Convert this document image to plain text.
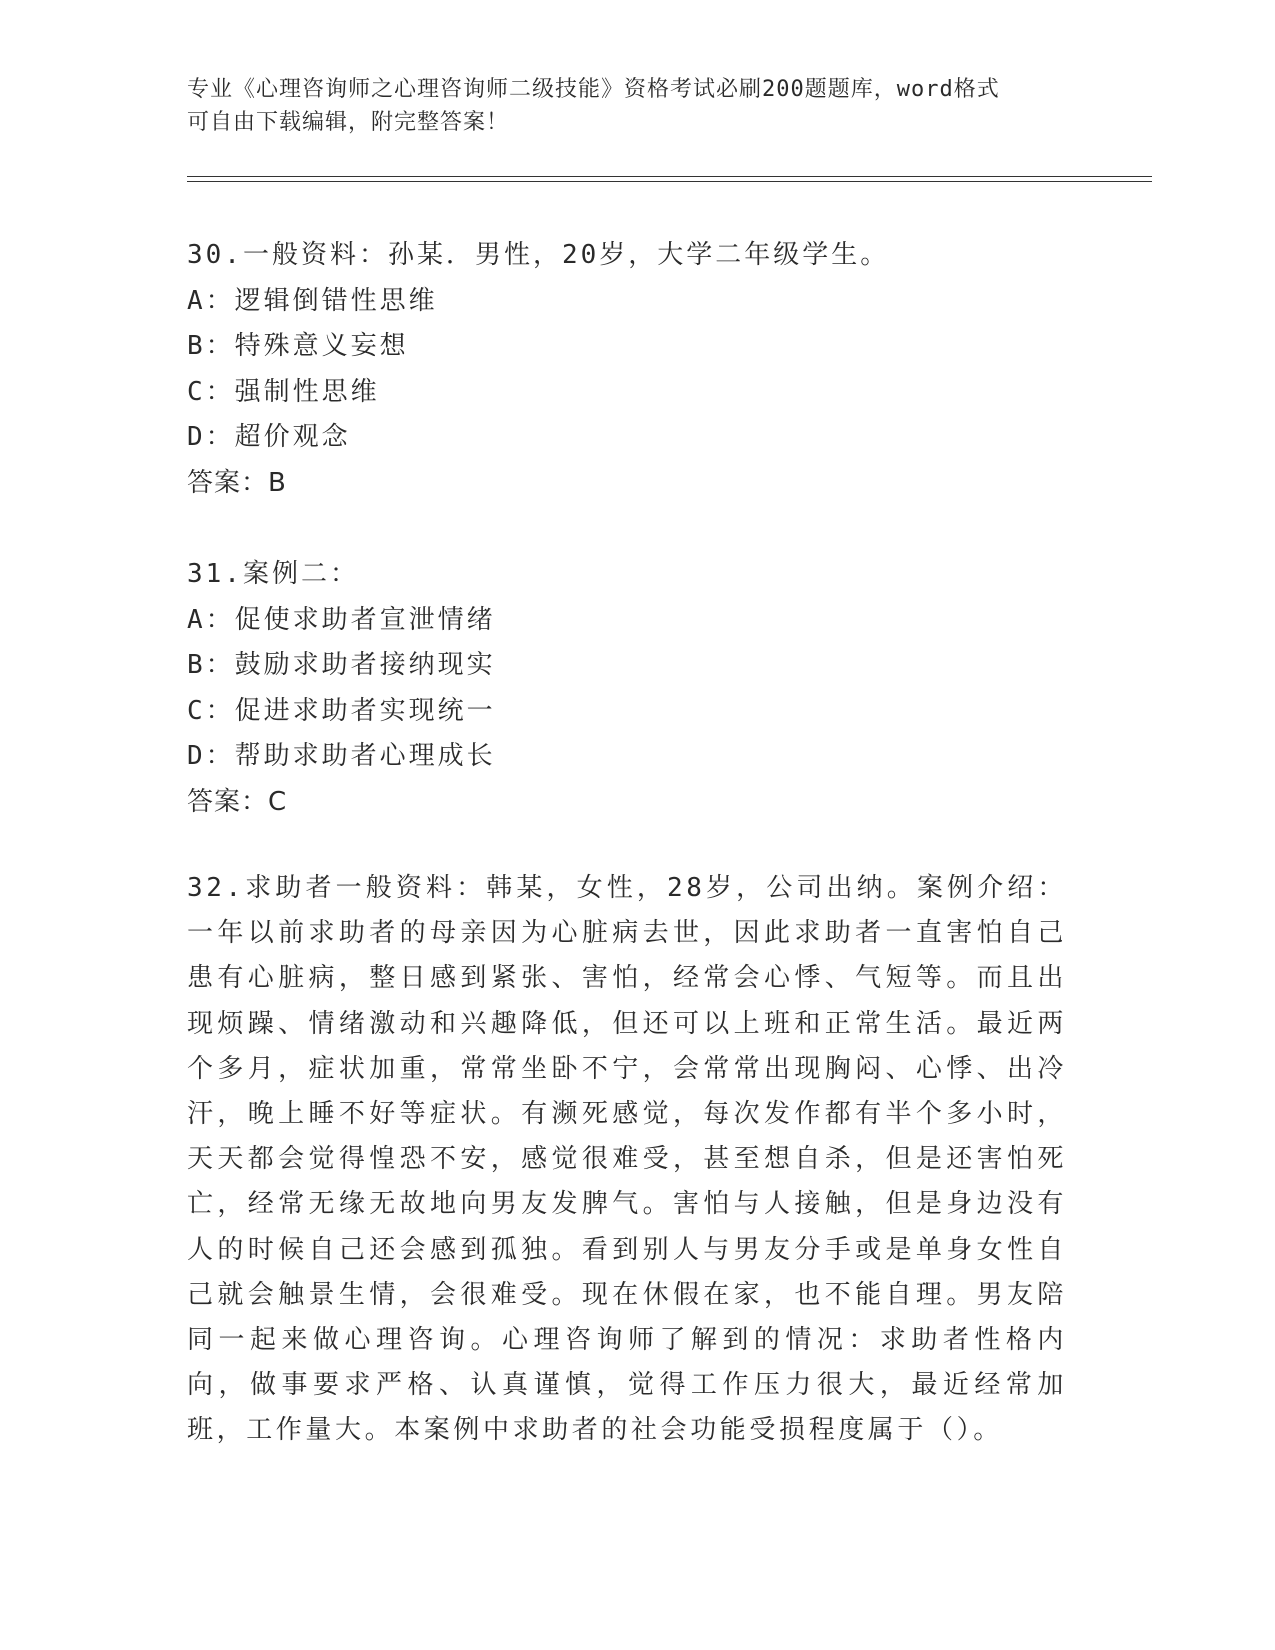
专业《心理咨询师之心理咨询师二级技能》资格考试必刷200题题库，word格式
可自由下载编辑，附完整答案！
30.一般资料：孙某．男性，20岁，大学二年级学生。
A：逻辑倒错性思维
B：特殊意义妄想
C：强制性思维
D：超价观念
答案：B
31.案例二：
A：促使求助者宣泄情绪
B：鼓励求助者接纳现实
C：促进求助者实现统一
D：帮助求助者心理成长
答案：C
32.求助者一般资料：韩某，女性，28岁，公司出纳。案例介绍：一年以前求助者的母亲因为心脏病去世，因此求助者一直害怕自己患有心脏病，整日感到紧张、害怕，经常会心悸、气短等。而且出现烦躁、情绪激动和兴趣降低，但还可以上班和正常生活。最近两个多月，症状加重，常常坐卧不宁，会常常出现胸闷、心悸、出冷汗，晚上睡不好等症状。有濒死感觉，每次发作都有半个多小时，天天都会觉得惶恐不安，感觉很难受，甚至想自杀，但是还害怕死亡，经常无缘无故地向男友发脾气。害怕与人接触，但是身边没有人的时候自己还会感到孤独。看到别人与男友分手或是单身女性自己就会触景生情，会很难受。现在休假在家，也不能自理。男友陪同一起来做心理咨询。心理咨询师了解到的情况：求助者性格内向，做事要求严格、认真谨慎，觉得工作压力很大，最近经常加班，工作量大。本案例中求助者的社会功能受损程度属于（）。
